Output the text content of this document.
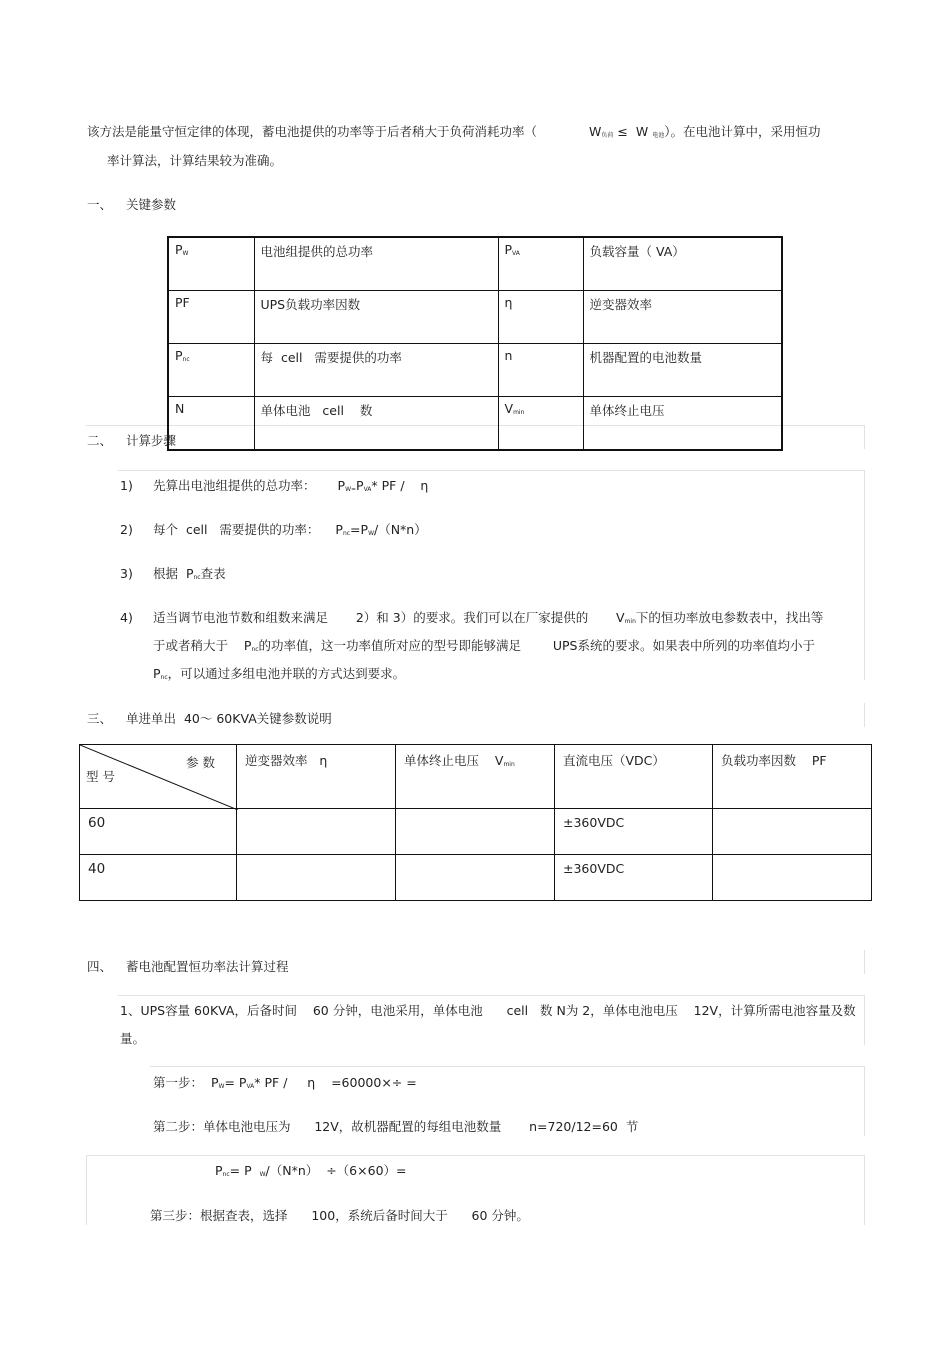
该方法是能量守恒定律的体现，蓄电池提供的功率等于后者稍大于负荷消耗功率（	$W_{负荷} \le W$ $_{电池}$）。在电池计算中，采用恒功
率计算法，计算结果较为准确。
一、 关键参数
$P_W$	电池组提供的总功率	$P_{VA}$	负载容量（ VA）
PF	UPS负载功率因数	η	逆变器效率
$P_{nc}$	每  cell   需要提供的功率	n	机器配置的电池数量
N	单体电池   cell    数	$V_{min}$	单体终止电压
二、 计算步骤
1) 先算出电池组提供的总功率： $P_{W=}P_{VA}*$ PF /    η
2) 每个  cell   需要提供的功率： $P_{nc}=P_W/(N*n)$
3) 根据  $P_{nc}$查表
4) 适当调节电池节数和组数来满足       2）和 3）的要求。我们可以在厂家提供的       $V_{min}$下的恒功率放电参数表中，找出等
于或者稍大于    $P_{nc}$的功率值，这一功率值所对应的型号即能够满足        UPS系统的要求。如果表中所列的功率值均小于
$P_{nc}$，可以通过多组电池并联的方式达到要求。
三、 单进单出  40～ 60KVA关键参数说明
参 数
型 号	逆变器效率   η	单体终止电压    $V_{min}$	直流电压（VDC）	负载功率因数    PF
60			±360VDC	
40			±360VDC	
四、 蓄电池配置恒功率法计算过程
1、UPS容量 60KVA，后备时间    60 分钟，电池采用，单体电池      cell   数 N为 2，单体电池电压    12V，计算所需电池容量及数
量。
第一步：  $P_W= P_{VA}*$ PF /     η    =60000×÷ =
第二步：单体电池电压为      12V，故机器配置的每组电池数量       n=720/12=60  节
$P_{nc}= P$  $_W$/（N*n）  ÷（6×60）=
第三步：根据查表，选择      100，系统后备时间大于      60 分钟。
